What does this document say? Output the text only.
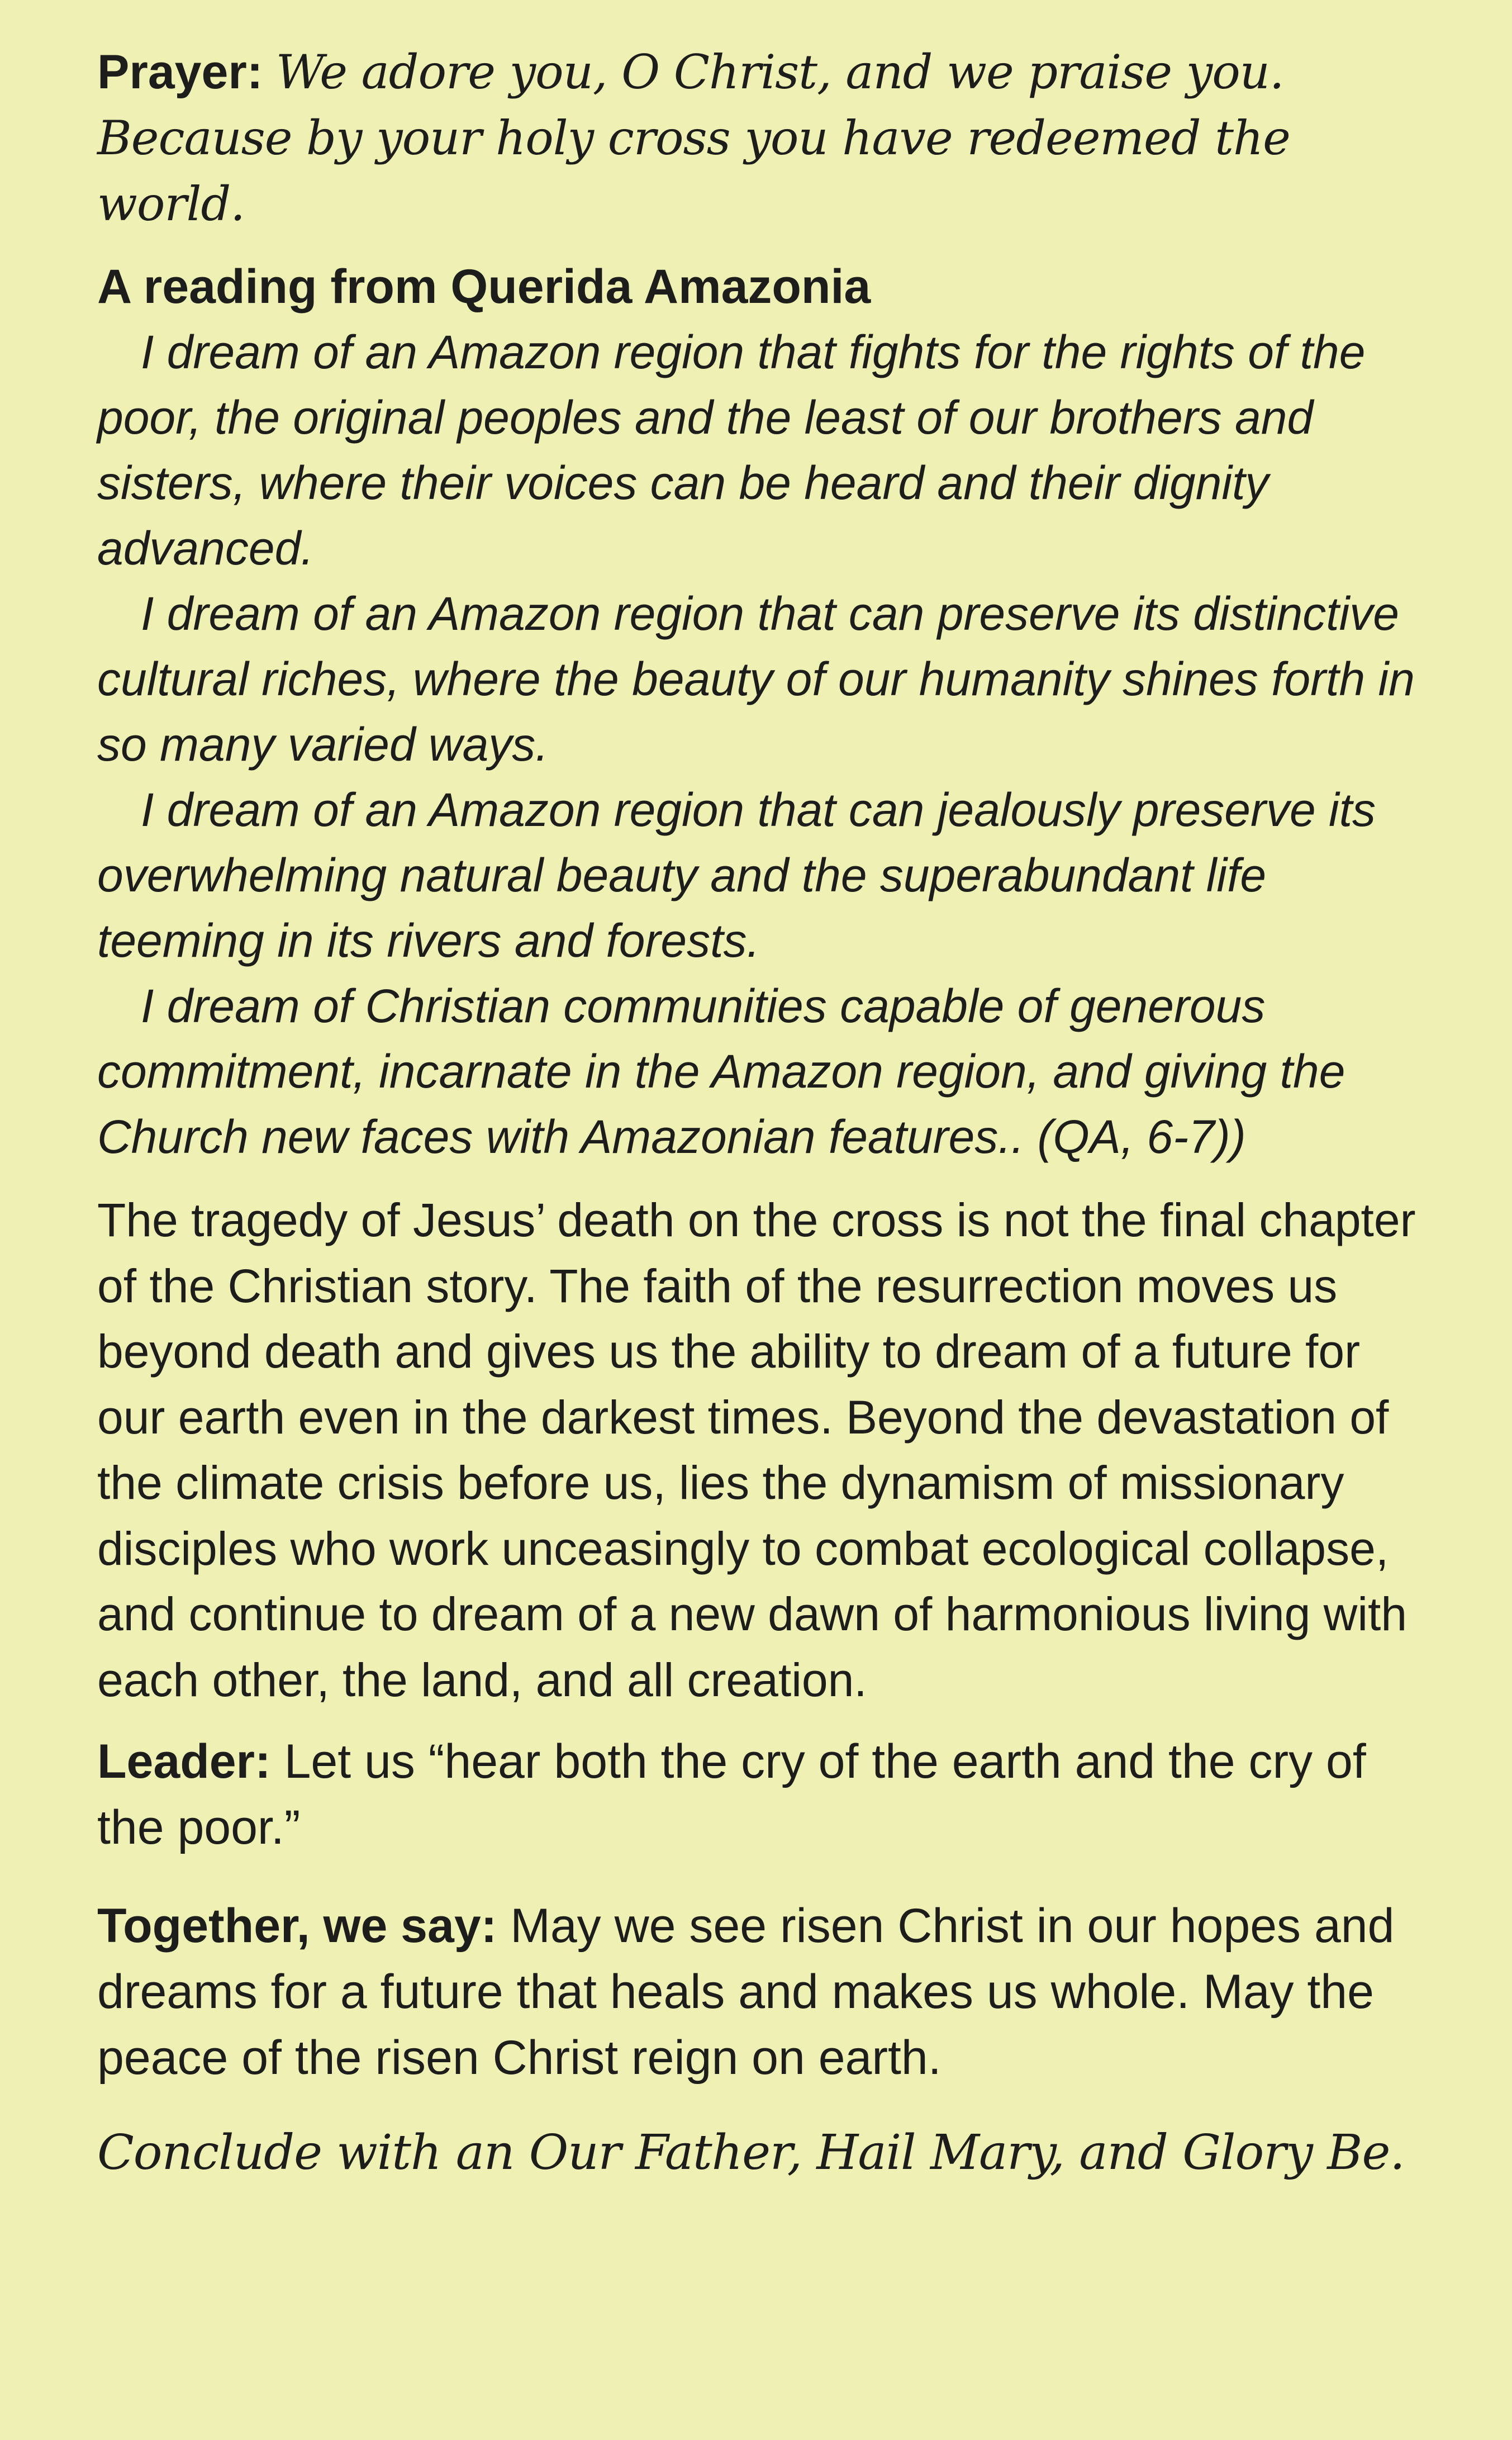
Prayer: We adore you, O Christ, and we praise you. Because by your holy cross you have redeemed the world.

A reading from Querida Amazonia

I dream of an Amazon region that fights for the rights of the poor, the original peoples and the least of our brothers and sisters, where their voices can be heard and their dignity advanced.

I dream of an Amazon region that can preserve its distinctive cultural riches, where the beauty of our humanity shines forth in so many varied ways.

I dream of an Amazon region that can jealously preserve its overwhelming natural beauty and the superabundant life teeming in its rivers and forests.

I dream of Christian communities capable of generous commitment, incarnate in the Amazon region, and giving the Church new faces with Amazonian features.. (QA, 6-7))

The tragedy of Jesus’ death on the cross is not the final chapter of the Christian story. The faith of the resurrection moves us beyond death and gives us the ability to dream of a future for our earth even in the darkest times. Beyond the devastation of the climate crisis before us, lies the dynamism of missionary disciples who work unceasingly to combat ecological collapse, and continue to dream of a new dawn of harmonious living with each other, the land, and all creation.

Leader: Let us “hear both the cry of the earth and the cry of the poor.”

Together, we say: May we see risen Christ in our hopes and dreams for a future that heals and makes us whole. May the peace of the risen Christ reign on earth.

Conclude with an Our Father, Hail Mary, and Glory Be.
